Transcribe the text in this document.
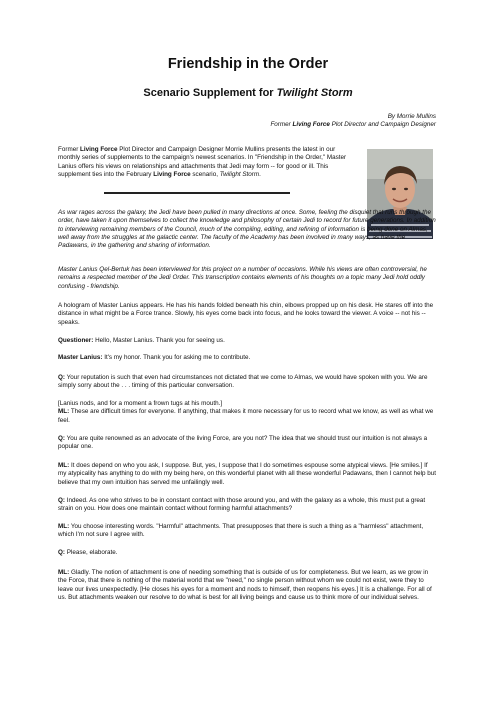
Friendship in the Order
Scenario Supplement for Twilight Storm
By Morrie Mullins
Former Living Force Plot Director and Campaign Designer
Former Living Force Plot Director and Campaign Designer Morrie Mullins presents the latest in our monthly series of supplements to the campaign's newest scenarios. In "Friendship in the Order," Master Lanius offers his views on relationships and attachments that Jedi may form -- for good or ill. This supplement ties into the February Living Force scenario, Twilight Storm.
As war rages across the galaxy, the Jedi have been pulled in many directions at once. Some, feeling the disquiet that runs through the order, have taken it upon themselves to collect the knowledge and philosophy of certain Jedi to record for future generations. In addition to interviewing remaining members of the Council, much of the compiling, editing, and refining of information is being done on Almas, well away from the struggles at the galactic center. The faculty of the Academy has been involved in many ways, as have the Padawans, in the gathering and sharing of information.
Master Lanius Qel-Bertuk has been interviewed for this project on a number of occasions. While his views are often controversial, he remains a respected member of the Jedi Order. This transcription contains elements of his thoughts on a topic many Jedi hold oddly confusing - friendship.
A hologram of Master Lanius appears. He has his hands folded beneath his chin, elbows propped up on his desk. He stares off into the distance in what might be a Force trance. Slowly, his eyes come back into focus, and he looks toward the viewer. A voice -- not his -- speaks.
Questioner: Hello, Master Lanius. Thank you for seeing us.
Master Lanius: It's my honor. Thank you for asking me to contribute.
Q: Your reputation is such that even had circumstances not dictated that we come to Almas, we would have spoken with you. We are simply sorry about the . . . timing of this particular conversation.
[Lanius nods, and for a moment a frown tugs at his mouth.]
ML: These are difficult times for everyone. If anything, that makes it more necessary for us to record what we know, as well as what we feel.
Q: You are quite renowned as an advocate of the living Force, are you not? The idea that we should trust our intuition is not always a popular one.
ML: It does depend on who you ask, I suppose. But, yes, I suppose that I do sometimes espouse some atypical views. [He smiles.] If my atypicality has anything to do with my being here, on this wonderful planet with all these wonderful Padawans, then I cannot help but believe that my own intuition has served me unfailingly well.
Q: Indeed. As one who strives to be in constant contact with those around you, and with the galaxy as a whole, this must put a great strain on you. How does one maintain contact without forming harmful attachments?
ML: You choose interesting words. "Harmful" attachments. That presupposes that there is such a thing as a "harmless" attachment, which I'm not sure I agree with.
Q: Please, elaborate.
ML: Gladly. The notion of attachment is one of needing something that is outside of us for completeness. But we learn, as we grow in the Force, that there is nothing of the material world that we "need," no single person without whom we could not exist, were they to leave our lives unexpectedly. [He closes his eyes for a moment and nods to himself, then reopens his eyes.] It is a challenge. For all of us. But attachments weaken our resolve to do what is best for all living beings and cause us to think more of our individual selves.
